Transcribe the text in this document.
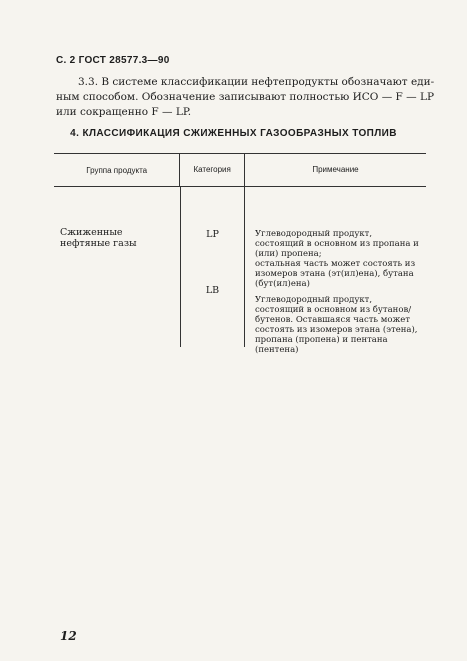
С. 2 ГОСТ 28577.3—90

3.3. В системе классификации нефтепродукты обозначают еди-

ным способом. Обозначение записывают полностью ИСО — F — LP

или сокращенно F — LP.

4. КЛАССИФИКАЦИЯ СЖИЖЕННЫХ ГАЗООБРАЗНЫХ ТОПЛИВ
Группа продукта	Категория	Примечание
Сжиженные нефтяные газы
LP
LB

Углеводородный продукт, состоящий в основном из пропана и (или) пропена;

остальная часть может состоять из изомеров этана (эт(ил)ена), бутана (бут(ил)ена)

Углеводородный продукт, состоящий в основном из бутанов/бутенов. Оставшаяся часть может состоять из изомеров этана (этена), пропана (пропена) и пентана (пентена)

12
